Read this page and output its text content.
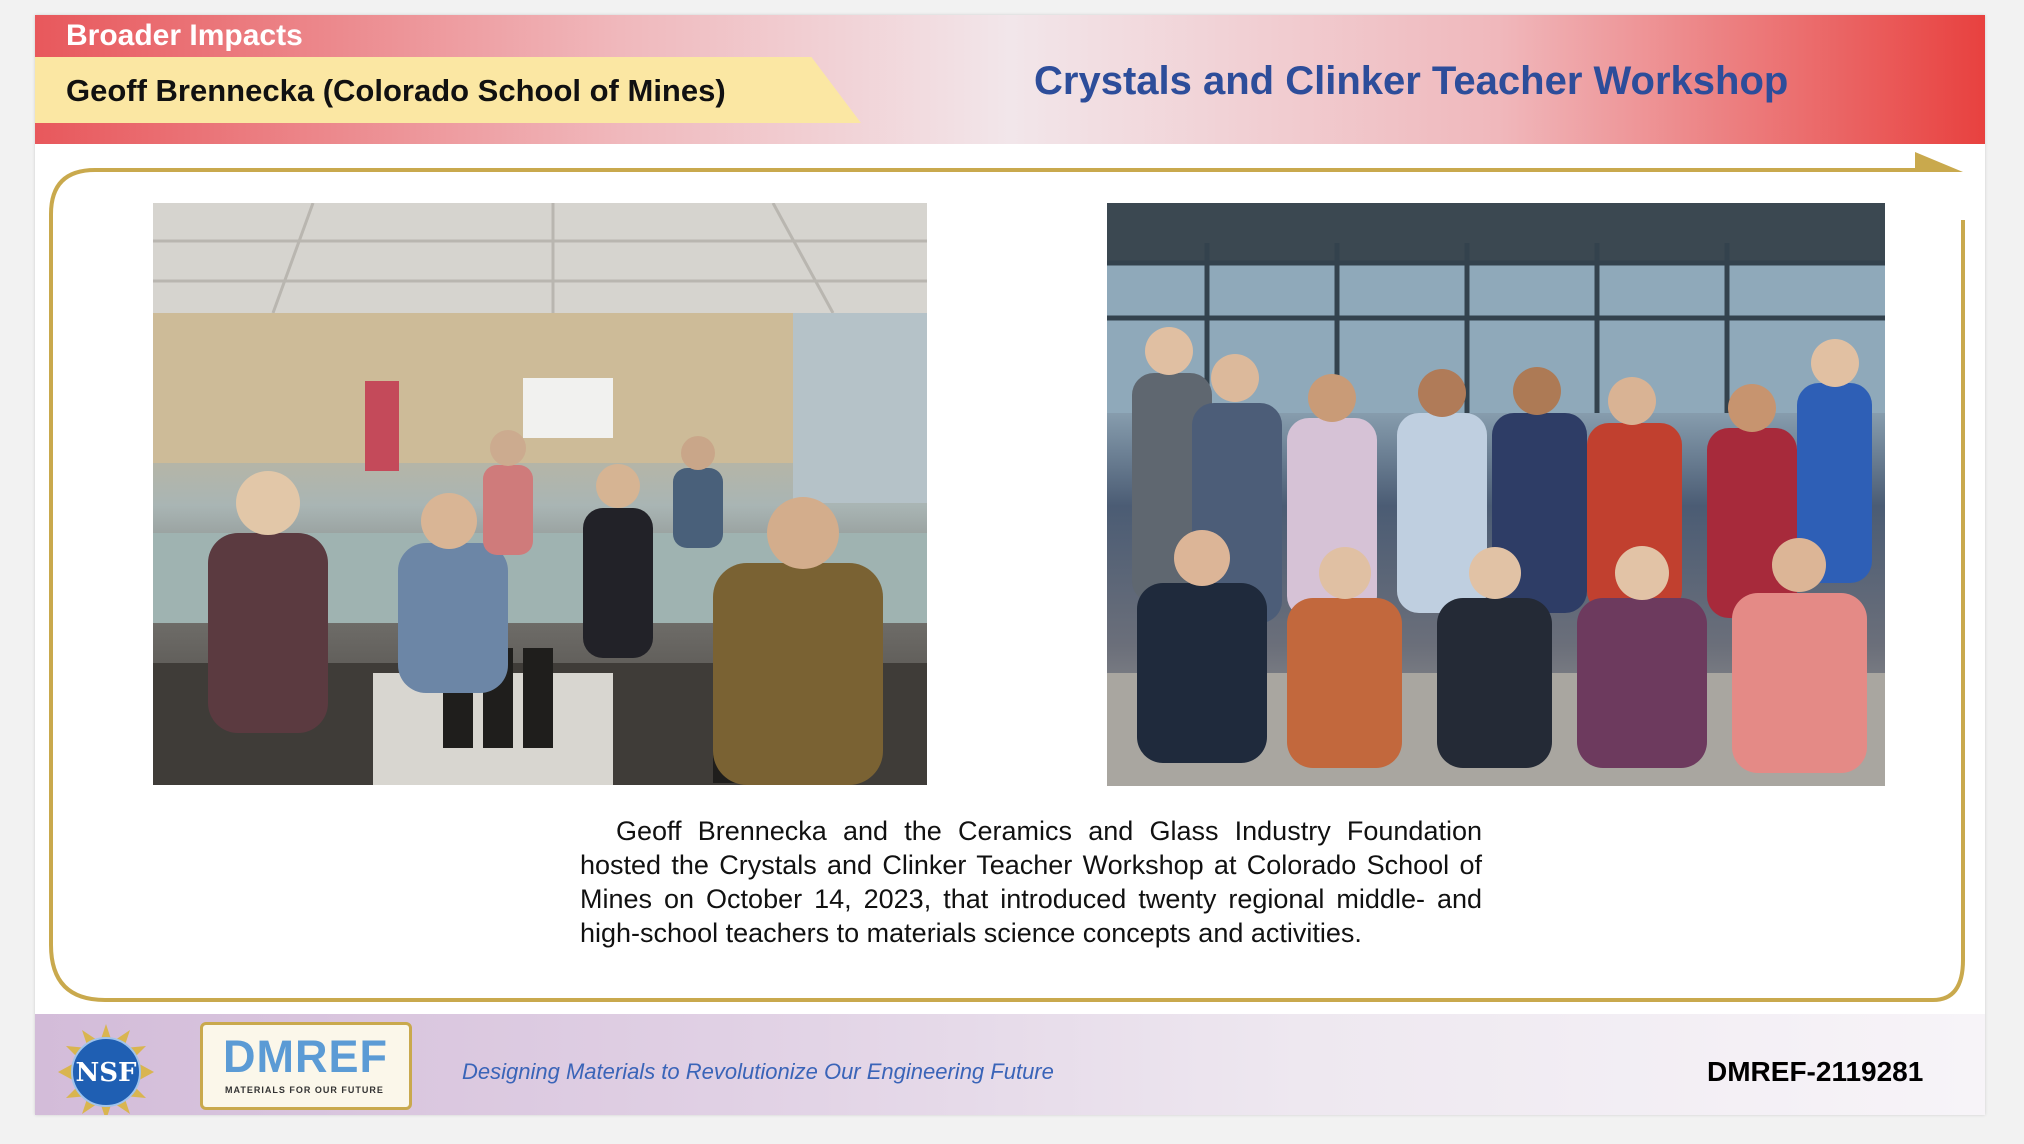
Broader Impacts
Geoff Brennecka (Colorado School of Mines)	Crystals and Clinker Teacher Workshop
Geoff Brennecka and the Ceramics and Glass Industry Foundation hosted the Crystals and Clinker Teacher Workshop at Colorado School of Mines on October 14, 2023, that introduced twenty regional middle- and high-school teachers to materials science concepts and activities.
NSF DMREF
MATERIALS FOR OUR FUTURE
Designing Materials to Revolutionize Our Engineering Future	DMREF-2119281
